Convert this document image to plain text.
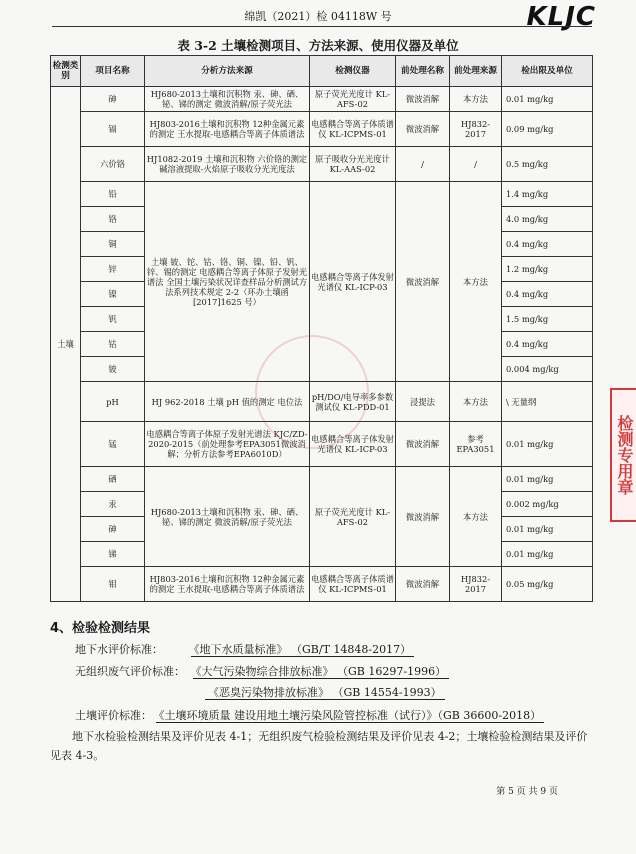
绵凯（2021）检 04118W 号	KLJC
表 3-2 土壤检测项目、方法来源、使用仪器及单位
检测类别	项目名称	分析方法来源	检测仪器	前处理名称	前处理来源	检出限及单位
土壤	砷	HJ680-2013土壤和沉积物 汞、砷、硒、铋、锑的测定 微波消解/原子荧光法	原子荧光光度计 KL-AFS-02	微波消解	本方法	0.01 mg/kg
	镉	HJ803-2016土壤和沉积物 12种金属元素的测定 王水提取-电感耦合等离子体质谱法	电感耦合等离子体质谱仪 KL-ICPMS-01	微波消解	HJ832-2017	0.09 mg/kg
	六价铬	HJ1082-2019 土壤和沉积物 六价铬的测定 碱溶液提取-火焰原子吸收分光光度法	原子吸收分光光度计 KL-AAS-02	/	/	0.5 mg/kg
	铅	土壤 铍、铊、钴、铬、铜、镍、铅、钒、锌、锡的测定 电感耦合等离子体原子发射光谱法 全国土壤污染状况详查样品分析测试方法系列技术规定 2-2（环办土壤函[2017]1625 号）	电感耦合等离子体发射光谱仪 KL-ICP-03	微波消解	本方法	1.4 mg/kg
	铬					4.0 mg/kg
	铜					0.4 mg/kg
	锌					1.2 mg/kg
	镍					0.4 mg/kg
	钒					1.5 mg/kg
	钴					0.4 mg/kg
	铍					0.004 mg/kg
	pH	HJ 962-2018 土壤 pH 值的测定 电位法	pH/DO/电导率多参数测试仪 KL-PDD-01	浸提法	本方法	\ 无量纲
	锰	电感耦合等离子体原子发射光谱法 KJC/ZD-2020-2015（前处理参考EPA3051微波消解；分析方法参考EPA6010D）	电感耦合等离子体发射光谱仪 KL-ICP-03	微波消解	参考 EPA3051	0.01 mg/kg
	硒	HJ680-2013土壤和沉积物 汞、砷、硒、铋、锑的测定 微波消解/原子荧光法	原子荧光光度计 KL-AFS-02	微波消解	本方法	0.01 mg/kg
	汞					0.002 mg/kg
	砷					0.01 mg/kg
	锑					0.01 mg/kg
	钼	HJ803-2016土壤和沉积物 12种金属元素的测定 王水提取-电感耦合等离子体质谱法	电感耦合等离子体质谱仪 KL-ICPMS-01	微波消解	HJ832-2017	0.05 mg/kg
4、检验检测结果
地下水评价标准：	《地下水质量标准》 （GB/T 14848-2017）
无组织废气评价标准： 《大气污染物综合排放标准》 （GB 16297-1996）
《恶臭污染物排放标准》 （GB 14554-1993）
土壤评价标准： 《土壤环境质量 建设用地土壤污染风险管控标准（试行）》（GB 36600-2018）
地下水检验检测结果及评价见表 4-1；无组织废气检验检测结果及评价见表 4-2；土壤检验检测结果及评价见表 4-3。
第 5 页 共 9 页
检测专用章
